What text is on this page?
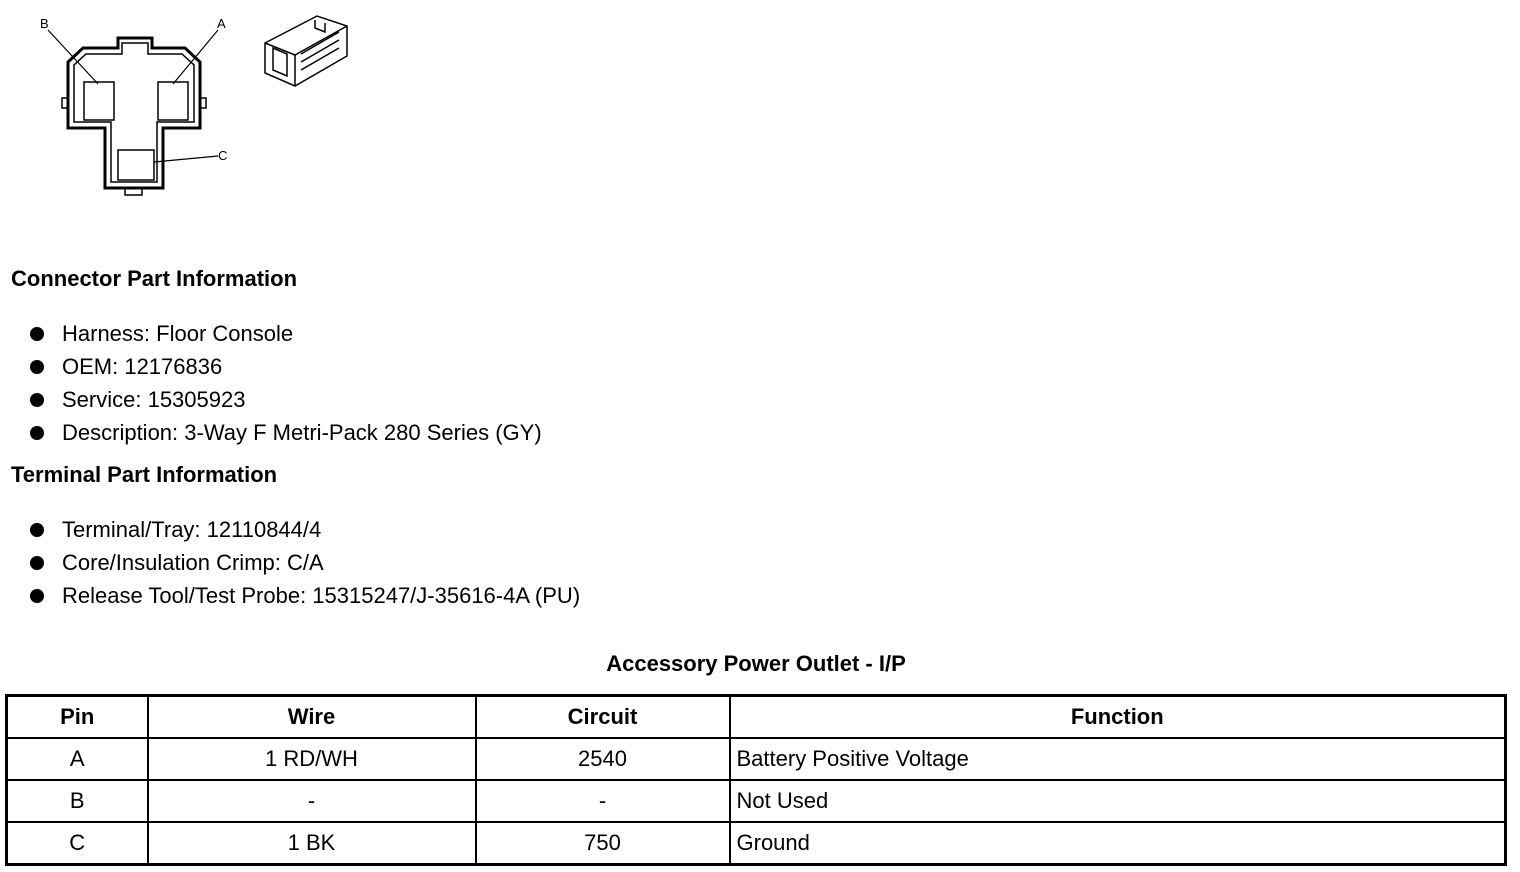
B	A
C
Connector Part Information
Harness: Floor Console
OEM: 12176836
Service: 15305923
Description: 3-Way F Metri-Pack 280 Series (GY)
Terminal Part Information
Terminal/Tray: 12110844/4
Core/Insulation Crimp: C/A
Release Tool/Test Probe: 15315247/J-35616-4A (PU)
Accessory Power Outlet - I/P
Pin	Wire	Circuit	Function
A	1 RD/WH	2540	Battery Positive Voltage
B	-	-	Not Used
C	1 BK	750	Ground
